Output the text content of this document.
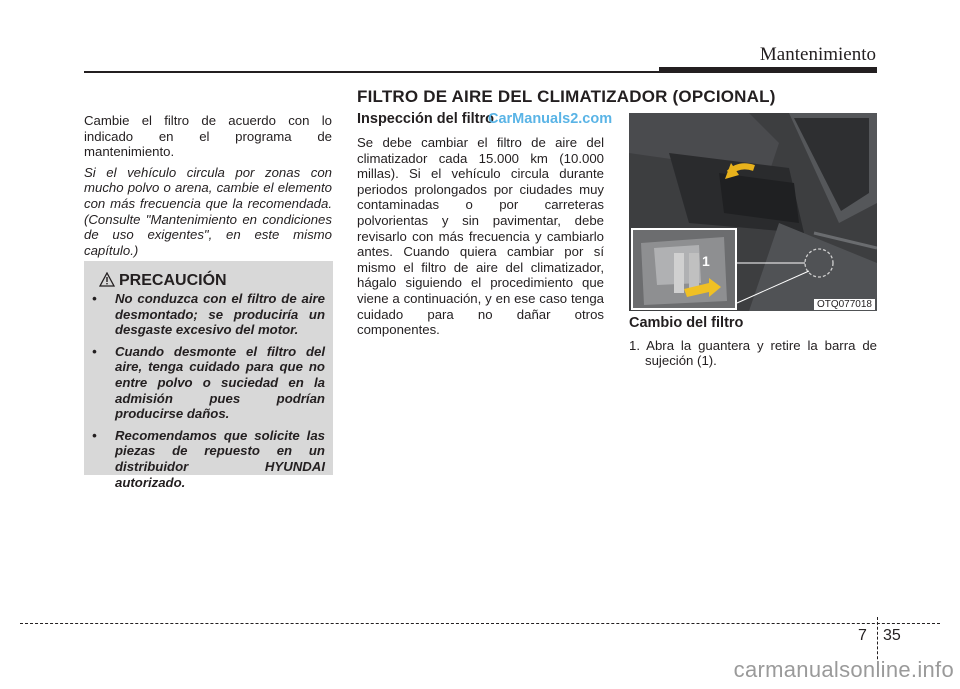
Mantenimiento
FILTRO DE AIRE DEL CLIMATIZADOR (OPCIONAL)

Cambie el filtro de acuerdo con lo indicado en el programa de mantenimiento.

Si el vehículo circula por zonas con mucho polvo o arena, cambie el elemento con más frecuencia que la recomendada. (Consulte "Mantenimiento en condiciones de uso exigentes", en este mismo capítulo.)

PRECAUCIÓN
• No conduzca con el filtro de aire desmontado; se produciría un desgaste excesivo del motor.
• Cuando desmonte el filtro del aire, tenga cuidado para que no entre polvo o suciedad en la admisión pues podrían producirse daños.
• Recomendamos que solicite las piezas de repuesto en un distribuidor HYUNDAI autorizado.
Inspección del filtro
CarManuals2.com
Se debe cambiar el filtro de aire del climatizador cada 15.000 km (10.000 millas). Si el vehículo circula durante periodos prolongados por ciudades muy contaminadas o por carreteras polvorientas y sin pavimentar, debe revisarlo con más frecuencia y cambiarlo antes. Cuando quiera cambiar por sí mismo el filtro de aire del climatizador, hágalo siguiendo el procedimiento que viene a continuación, y en ese caso tenga cuidado para no dañar otros componentes.
1
OTQ077018
Cambio del filtro
1. Abra la guantera y retire la barra de sujeción (1).
7 35
carmanualsonline.info
